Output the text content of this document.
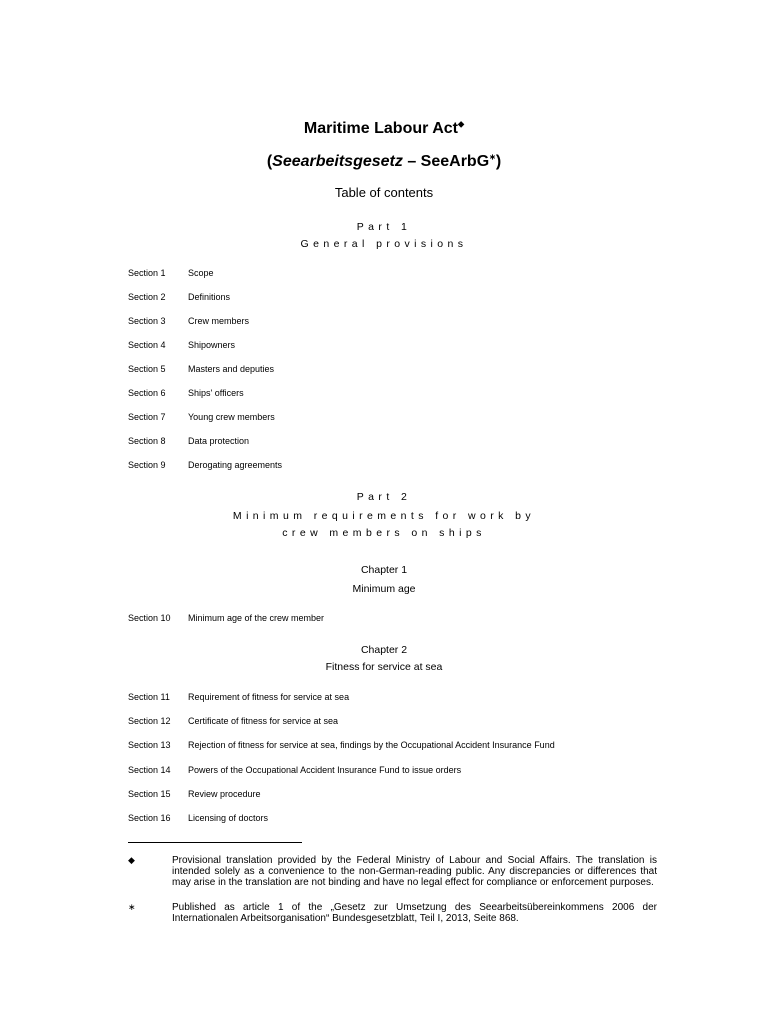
Maritime Labour Act◆
(Seearbeitsgesetz – SeeArbG∗)
Table of contents
Part 1
General provisions
Section 1 Scope
Section 2 Definitions
Section 3 Crew members
Section 4 Shipowners
Section 5 Masters and deputies
Section 6 Ships' officers
Section 7 Young crew members
Section 8 Data protection
Section 9 Derogating agreements
Part 2
Minimum requirements for work by
crew members on ships
Chapter 1
Minimum age
Section 10 Minimum age of the crew member
Chapter 2
Fitness for service at sea
Section 11 Requirement of fitness for service at sea
Section 12 Certificate of fitness for service at sea
Section 13 Rejection of fitness for service at sea, findings by the Occupational Accident Insurance Fund
Section 14 Powers of the Occupational Accident Insurance Fund to issue orders
Section 15 Review procedure
Section 16 Licensing of doctors
◆	Provisional translation provided by the Federal Ministry of Labour and Social Affairs. The translation is intended solely as a convenience to the non-German-reading public. Any discrepancies or differences that may arise in the translation are not binding and have no legal effect for compliance or enforcement purposes.
∗	Published as article 1 of the „Gesetz zur Umsetzung des Seearbeitsübereinkommens 2006 der Internationalen Arbeitsorganisation“ Bundesgesetzblatt, Teil I, 2013, Seite 868.
